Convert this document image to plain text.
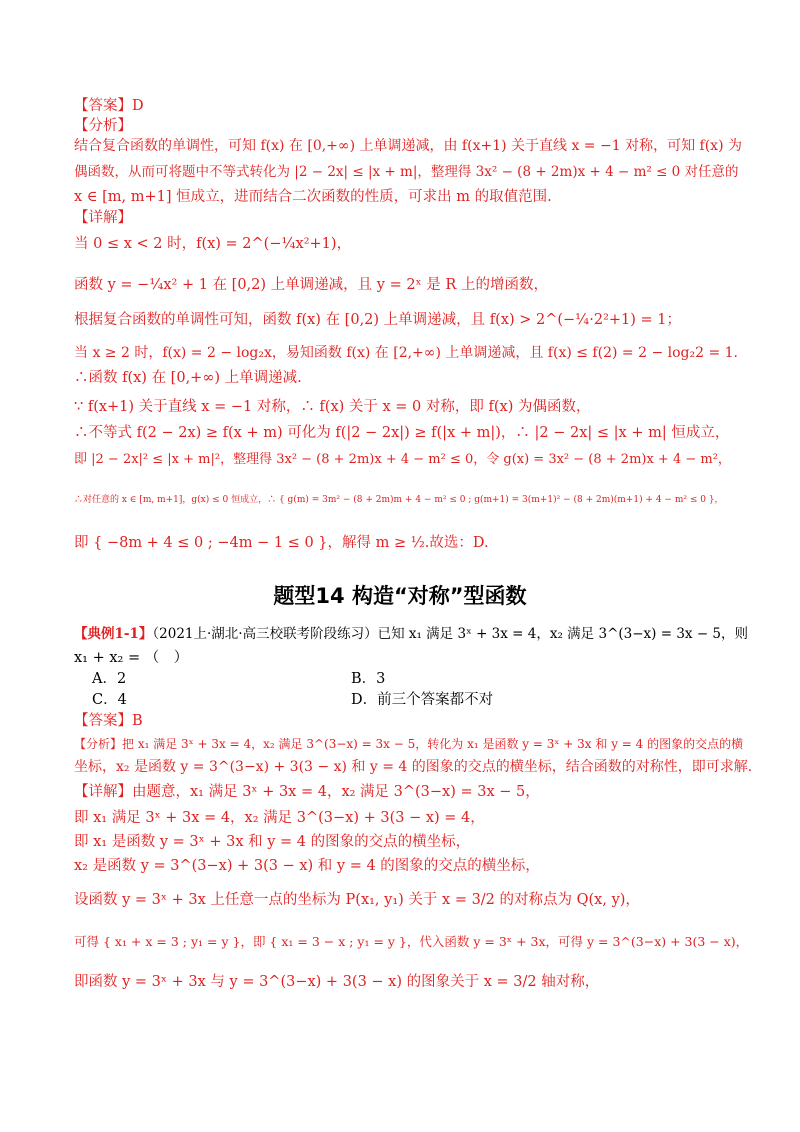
【答案】D
【分析】
结合复合函数的单调性，可知 f(x) 在 [0,+∞) 上单调递减，由 f(x+1) 关于直线 x = −1 对称，可知 f(x) 为
偶函数，从而可将题中不等式转化为 |2 − 2x| ≤ |x + m|，整理得 3x² − (8 + 2m)x + 4 − m² ≤ 0 对任意的
x ∈ [m, m+1] 恒成立，进而结合二次函数的性质，可求出 m 的取值范围.
【详解】
当 0 ≤ x < 2 时，f(x) = 2^(−¼x²+1)，
函数 y = −¼x² + 1 在 [0,2) 上单调递减，且 y = 2ˣ 是 R 上的增函数，
根据复合函数的单调性可知，函数 f(x) 在 [0,2) 上单调递减，且 f(x) > 2^(−¼·2²+1) = 1；
当 x ≥ 2 时，f(x) = 2 − log₂x，易知函数 f(x) 在 [2,+∞) 上单调递减，且 f(x) ≤ f(2) = 2 − log₂2 = 1.
∴函数 f(x) 在 [0,+∞) 上单调递减.
∵ f(x+1) 关于直线 x = −1 对称，∴ f(x) 关于 x = 0 对称，即 f(x) 为偶函数，
∴不等式 f(2 − 2x) ≥ f(x + m) 可化为 f(|2 − 2x|) ≥ f(|x + m|)，∴ |2 − 2x| ≤ |x + m| 恒成立，
即 |2 − 2x|² ≤ |x + m|²，整理得 3x² − (8 + 2m)x + 4 − m² ≤ 0，令 g(x) = 3x² − (8 + 2m)x + 4 − m²，
∴对任意的 x ∈ [m, m+1]，g(x) ≤ 0 恒成立，∴ { g(m) = 3m² − (8 + 2m)m + 4 − m² ≤ 0 ; g(m+1) = 3(m+1)² − (8 + 2m)(m+1) + 4 − m² ≤ 0 }，
即 { −8m + 4 ≤ 0 ; −4m − 1 ≤ 0 }，解得 m ≥ ½.故选：D.
题型14 构造“对称”型函数
【典例1-1】（2021上·湖北·高三校联考阶段练习）已知 x₁ 满足 3ˣ + 3x = 4，x₂ 满足 3^(3−x) = 3x − 5，则
x₁ + x₂ = （　）
A．2	B．3
C．4	D．前三个答案都不对
【答案】B
【分析】把 x₁ 满足 3ˣ + 3x = 4，x₂ 满足 3^(3−x) = 3x − 5，转化为 x₁ 是函数 y = 3ˣ + 3x 和 y = 4 的图象的交点的横
坐标，x₂ 是函数 y = 3^(3−x) + 3(3 − x) 和 y = 4 的图象的交点的横坐标，结合函数的对称性，即可求解.
【详解】由题意，x₁ 满足 3ˣ + 3x = 4，x₂ 满足 3^(3−x) = 3x − 5，
即 x₁ 满足 3ˣ + 3x = 4，x₂ 满足 3^(3−x) + 3(3 − x) = 4，
即 x₁ 是函数 y = 3ˣ + 3x 和 y = 4 的图象的交点的横坐标，
x₂ 是函数 y = 3^(3−x) + 3(3 − x) 和 y = 4 的图象的交点的横坐标，
设函数 y = 3ˣ + 3x 上任意一点的坐标为 P(x₁, y₁) 关于 x = 3/2 的对称点为 Q(x, y)，
可得 { x₁ + x = 3 ; y₁ = y }，即 { x₁ = 3 − x ; y₁ = y }，代入函数 y = 3ˣ + 3x，可得 y = 3^(3−x) + 3(3 − x)，
即函数 y = 3ˣ + 3x 与 y = 3^(3−x) + 3(3 − x) 的图象关于 x = 3/2 轴对称，
